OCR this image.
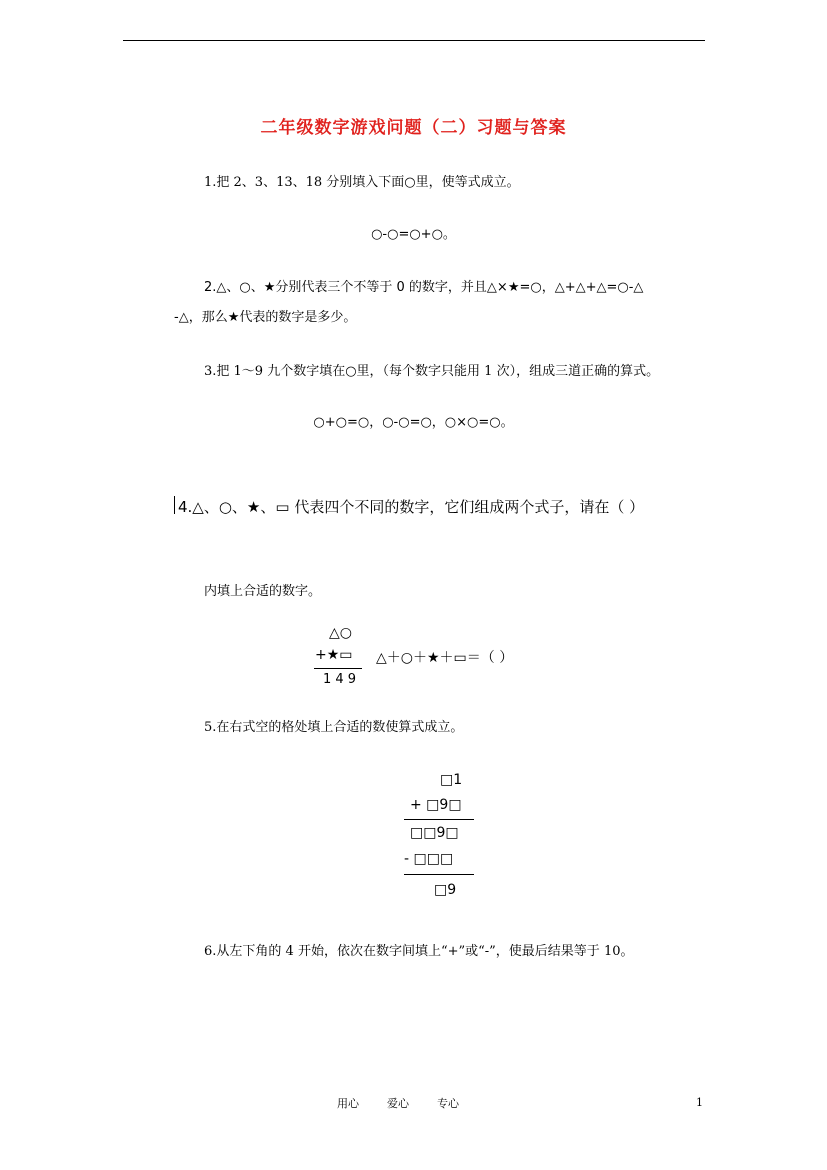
二年级数字游戏问题（二）习题与答案
1.把 2、3、13、18 分别填入下面○里，使等式成立。
○-○=○+○。
2.△、○、★分别代表三个不等于 0 的数字，并且△×★=○，△+△+△=○-△
-△，那么★代表的数字是多少。
3.把 1～9 九个数字填在○里，（每个数字只能用 1 次），组成三道正确的算式。
○+○=○，○-○=○，○×○=○。
4.△、○、★、▭ 代表四个不同的数字，它们组成两个式子，请在（ ）
内填上合适的数字。
△○
+★▭
1 4 9
△＋○＋★＋▭＝（ ）
5.在右式空的格处填上合适的数使算式成立。
□1
+ □9□
□□9□
- □□□
□9
6.从左下角的 4 开始，依次在数字间填上“+”或“-”，使最后结果等于 10。
用心	爱心	专心	1
